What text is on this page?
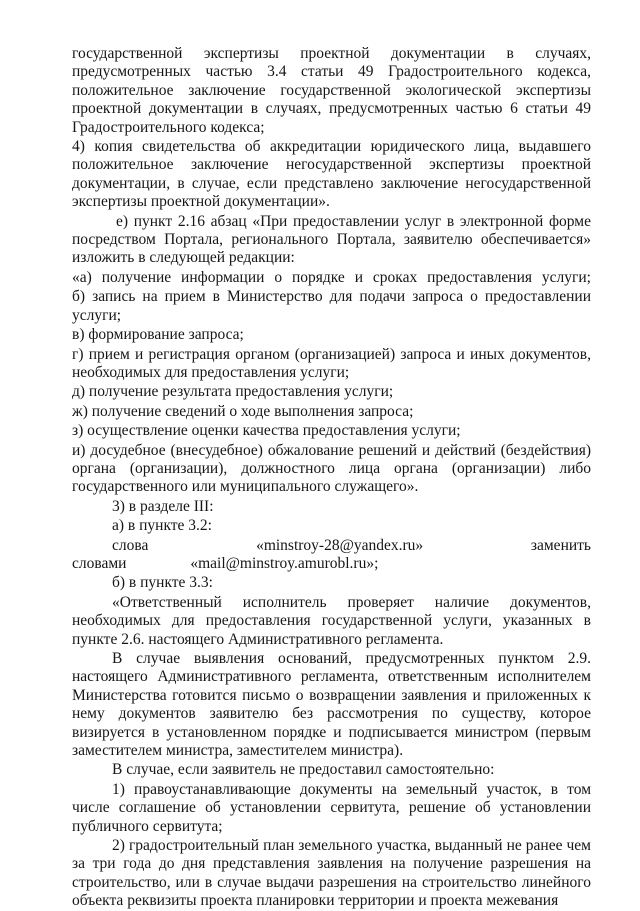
государственной экспертизы проектной документации в случаях, предусмотренных частью 3.4 статьи 49 Градостроительного кодекса, положительное заключение государственной экологической экспертизы проектной документации в случаях, предусмотренных частью 6 статьи 49 Градостроительного кодекса;

4) копия свидетельства об аккредитации юридического лица, выдавшего положительное заключение негосударственной экспертизы проектной документации, в случае, если представлено заключение негосударственной экспертизы проектной документации».

е) пункт 2.16 абзац «При предоставлении услуг в электронной форме посредством Портала, регионального Портала, заявителю обеспечивается» изложить в следующей редакции:

«а) получение информации о порядке и сроках предоставления услуги;

б) запись на прием в Министерство для подачи запроса о предоставлении услуги;

в) формирование запроса;

г) прием и регистрация органом (организацией) запроса и иных документов, необходимых для предоставления услуги;

д) получение результата предоставления услуги;

ж) получение сведений о ходе выполнения запроса;

з) осуществление оценки качества предоставления услуги;

и) досудебное (внесудебное) обжалование решений и действий (бездействия) органа (организации), должностного лица органа (организации) либо государственного или муниципального служащего».

3) в разделе III:

а) в пункте 3.2:

слова «minstroy-28@yandex.ru» заменить словами «mail@minstroy.amurobl.ru»;

б) в пункте 3.3:

«Ответственный исполнитель проверяет наличие документов, необходимых для предоставления государственной услуги, указанных в пункте 2.6. настоящего Административного регламента.

В случае выявления оснований, предусмотренных пунктом 2.9. настоящего Административного регламента, ответственным исполнителем Министерства готовится письмо о возвращении заявления и приложенных к нему документов заявителю без рассмотрения по существу, которое визируется в установленном порядке и подписывается министром (первым заместителем министра, заместителем министра).

В случае, если заявитель не предоставил самостоятельно:

1) правоустанавливающие документы на земельный участок, в том числе соглашение об установлении сервитута, решение об установлении публичного сервитута;

2) градостроительный план земельного участка, выданный не ранее чем за три года до дня представления заявления на получение разрешения на строительство, или в случае выдачи разрешения на строительство линейного объекта реквизиты проекта планировки территории и проекта межевания
